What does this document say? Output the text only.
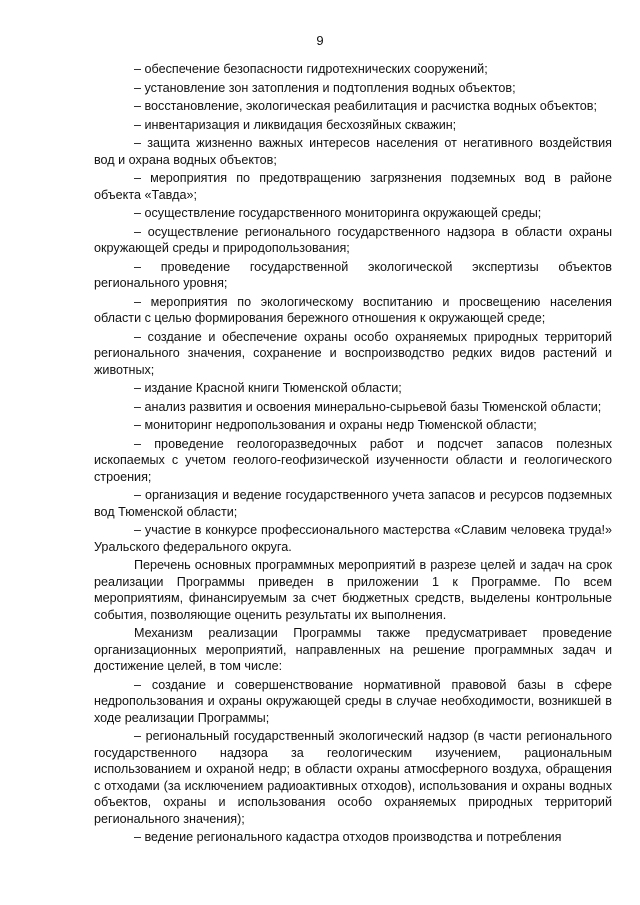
9

– обеспечение безопасности гидротехнических сооружений;

– установление зон затопления и подтопления водных объектов;

– восстановление, экологическая реабилитация и расчистка водных объектов;

– инвентаризация и ликвидация бесхозяйных скважин;

– защита жизненно важных интересов населения от негативного воздействия вод и охрана водных объектов;

– мероприятия по предотвращению загрязнения подземных вод в районе объекта «Тавда»;

– осуществление государственного мониторинга окружающей среды;

– осуществление регионального государственного надзора в области охраны окружающей среды и природопользования;

– проведение государственной экологической экспертизы объектов регионального уровня;

– мероприятия по экологическому воспитанию и просвещению населения области с целью формирования бережного отношения к окружающей среде;

– создание и обеспечение охраны особо охраняемых природных территорий регионального значения, сохранение и воспроизводство редких видов растений и животных;

– издание Красной книги Тюменской области;

– анализ развития и освоения минерально-сырьевой базы Тюменской области;

– мониторинг недропользования и охраны недр Тюменской области;

– проведение геологоразведочных работ и подсчет запасов полезных ископаемых с учетом геолого-геофизической изученности области и геологического строения;

– организация и ведение государственного учета запасов и ресурсов подземных вод Тюменской области;

– участие в конкурсе профессионального мастерства «Славим человека труда!» Уральского федерального округа.

Перечень основных программных мероприятий в разрезе целей и задач на срок реализации Программы приведен в приложении 1 к Программе. По всем мероприятиям, финансируемым за счет бюджетных средств, выделены контрольные события, позволяющие оценить результаты их выполнения.

Механизм реализации Программы также предусматривает проведение организационных мероприятий, направленных на решение программных задач и достижение целей, в том числе:

– создание и совершенствование нормативной правовой базы в сфере недропользования и охраны окружающей среды в случае необходимости, возникшей в ходе реализации Программы;

– региональный государственный экологический надзор (в части регионального государственного надзора за геологическим изучением, рациональным использованием и охраной недр; в области охраны атмосферного воздуха, обращения с отходами (за исключением радиоактивных отходов), использования и охраны водных объектов, охраны и использования особо охраняемых природных территорий регионального значения);

– ведение регионального кадастра отходов производства и потребления
